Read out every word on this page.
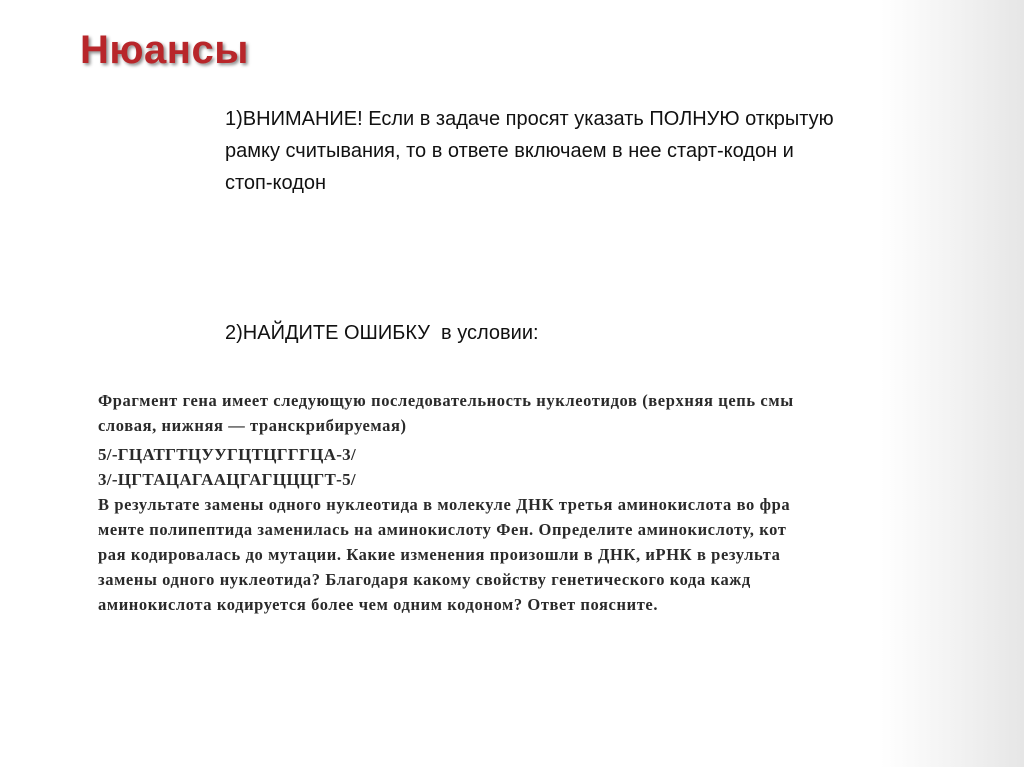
Нюансы
1)ВНИМАНИЕ! Если в задаче просят указать ПОЛНУЮ открытую рамку считывания, то в ответе включаем в нее старт-кодон и стоп-кодон
2)НАЙДИТЕ ОШИБКУ  в условии:
Фрагмент гена имеет следующую последовательность нуклеотидов (верхняя цепь смы
словая, нижняя — транскрибируемая)
5/-ГЦАТГТЦУУГЦТЦГГГЦА-3/
3/-ЦГТАЦАГААЦГАГЦЦЦГТ-5/
В результате замены одного нуклеотида в молекуле ДНК третья аминокислота во фра
менте полипептида заменилась на аминокислоту Фен. Определите аминокислоту, кот
рая кодировалась до мутации. Какие изменения произошли в ДНК, иРНК в результа
замены одного нуклеотида? Благодаря какому свойству генетического кода кажд
аминокислота кодируется более чем одним кодоном? Ответ поясните.
